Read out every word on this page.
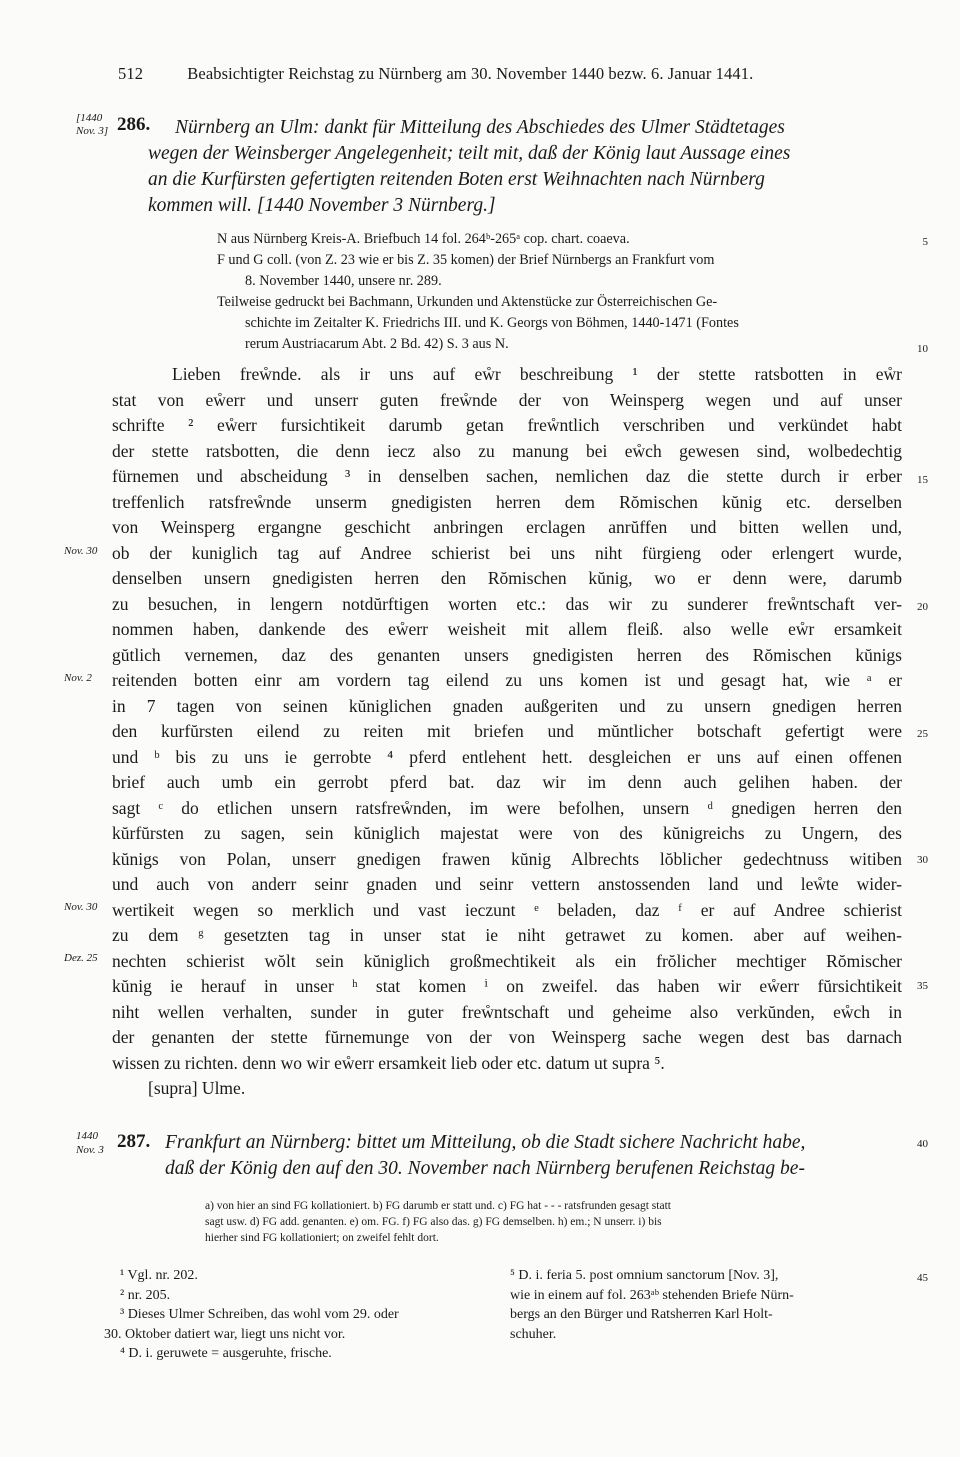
512	Beabsichtigter Reichstag zu Nürnberg am 30. November 1440 bezw. 6. Januar 1441.
[1440
Nov. 3] 286. Nürnberg an Ulm: dankt für Mitteilung des Abschiedes des Ulmer Städtetages

wegen der Weinsberger Angelegenheit; teilt mit, daß der König laut Aussage eines

an die Kurfürsten gefertigten reitenden Boten erst Weihnachten nach Nürnberg

kommen will. [1440 November 3 Nürnberg.]

N aus Nürnberg Kreis-A. Briefbuch 14 fol. 264ᵇ-265ᵃ cop. chart. coaeva.

F und G coll. (von Z. 23 wie er bis Z. 35 komen) der Brief Nürnbergs an Frankfurt vom

8. November 1440, unsere nr. 289.

Teilweise gedruckt bei Bachmann, Urkunden und Aktenstücke zur Österreichischen Ge-

schichte im Zeitalter K. Friedrichs III. und K. Georgs von Böhmen, 1440-1471 (Fontes

rerum Austriacarum Abt. 2 Bd. 42) S. 3 aus N.

Lieben freẘnde. als ir uns auf eẘr beschreibung ¹ der stette ratsbotten in eẘr

stat von eẘerr und unserr guten freẘnde der von Weinsperg wegen und auf unser

schrifte ² eẘerr fursichtikeit darumb getan freẘntlich verschriben und verkündet habt

der stette ratsbotten, die denn iecz also zu manung bei eẘch gewesen sind, wolbedechtig

fürnemen und abscheidung ³ in denselben sachen, nemlichen daz die stette durch ir erber

treffenlich ratsfreẘnde unserm gnedigisten herren dem Rŏmischen kŭnig etc. derselben

von Weinsperg ergangne geschicht anbringen erclagen anrŭffen und bitten wellen und,

ob der kuniglich tag auf Andree schierist bei uns niht fürgieng oder erlengert wurde,

denselben unsern gnedigisten herren den Rŏmischen kŭnig, wo er denn were, darumb

zu besuchen, in lengern notdŭrftigen worten etc.: das wir zu sunderer freẘntschaft ver-

nommen haben, dankende des eẘerr weisheit mit allem fleiß. also welle eẘr ersamkeit

gŭtlich vernemen, daz des genanten unsers gnedigisten herren des Rŏmischen kŭnigs

reitenden botten einr am vordern tag eilend zu uns komen ist und gesagt hat, wie ᵃ er

in 7 tagen von seinen kŭniglichen gnaden außgeriten und zu unsern gnedigen herren

den kurfŭrsten eilend zu reiten mit briefen und mŭntlicher botschaft gefertigt were

und ᵇ bis zu uns ie gerrobte ⁴ pferd entlehent hett. desgleichen er uns auf einen offenen

brief auch umb ein gerrobt pferd bat. daz wir im denn auch gelihen haben. der

sagt ᶜ do etlichen unsern ratsfreẘnden, im were befolhen, unsern ᵈ gnedigen herren den

kŭrfŭrsten zu sagen, sein kŭniglich majestat were von des kŭnigreichs zu Ungern, des

kŭnigs von Polan, unserr gnedigen frawen kŭnig Albrechts lŏblicher gedechtnuss witiben

und auch von anderr seinr gnaden und seinr vettern anstossenden land und leẘte wider-

wertikeit wegen so merklich und vast ieczunt ᵉ beladen, daz ᶠ er auf Andree schierist

zu dem ᵍ gesetzten tag in unser stat ie niht getrawet zu komen. aber auf weihen-

nechten schierist wŏlt sein kŭniglich großmechtikeit als ein frŏlicher mechtiger Rŏmischer

kŭnig ie herauf in unser ʰ stat komen ⁱ on zweifel. das haben wir eẘerr fŭrsichtikeit

niht wellen verhalten, sunder in guter freẘntschaft und geheime also verkŭnden, eẘch in

der genanten der stette fŭrnemunge von der von Weinsperg sache wegen dest bas darnach

wissen zu richten. denn wo wir eẘerr ersamkeit lieb oder etc. datum ut supra ⁵.

[supra] Ulme.

Nov. 30
Nov. 2
Nov. 30
Dez. 25
1440
Nov. 3 287. Frankfurt an Nürnberg: bittet um Mitteilung, ob die Stadt sichere Nachricht habe,

daß der König den auf den 30. November nach Nürnberg berufenen Reichstag be-

a) von hier an sind FG kollationiert. b) FG darumb er statt und. c) FG hat - - - ratsfrunden gesagt statt

sagt usw. d) FG add. genanten. e) om. FG. f) FG also das. g) FG demselben. h) em.; N unserr. i) bis

hierher sind FG kollationiert; on zweifel fehlt dort.

¹ Vgl. nr. 202.

² nr. 205.

³ Dieses Ulmer Schreiben, das wohl vom 29. oder

30. Oktober datiert war, liegt uns nicht vor.

⁴ D. i. geruwete = ausgeruhte, frische.

⁵ D. i. feria 5. post omnium sanctorum [Nov. 3],

wie in einem auf fol. 263ᵃᵇ stehenden Briefe Nürn-

bergs an den Bürger und Ratsherren Karl Holt-

schuher.

5
10
15
20
25
30
35
40
45
